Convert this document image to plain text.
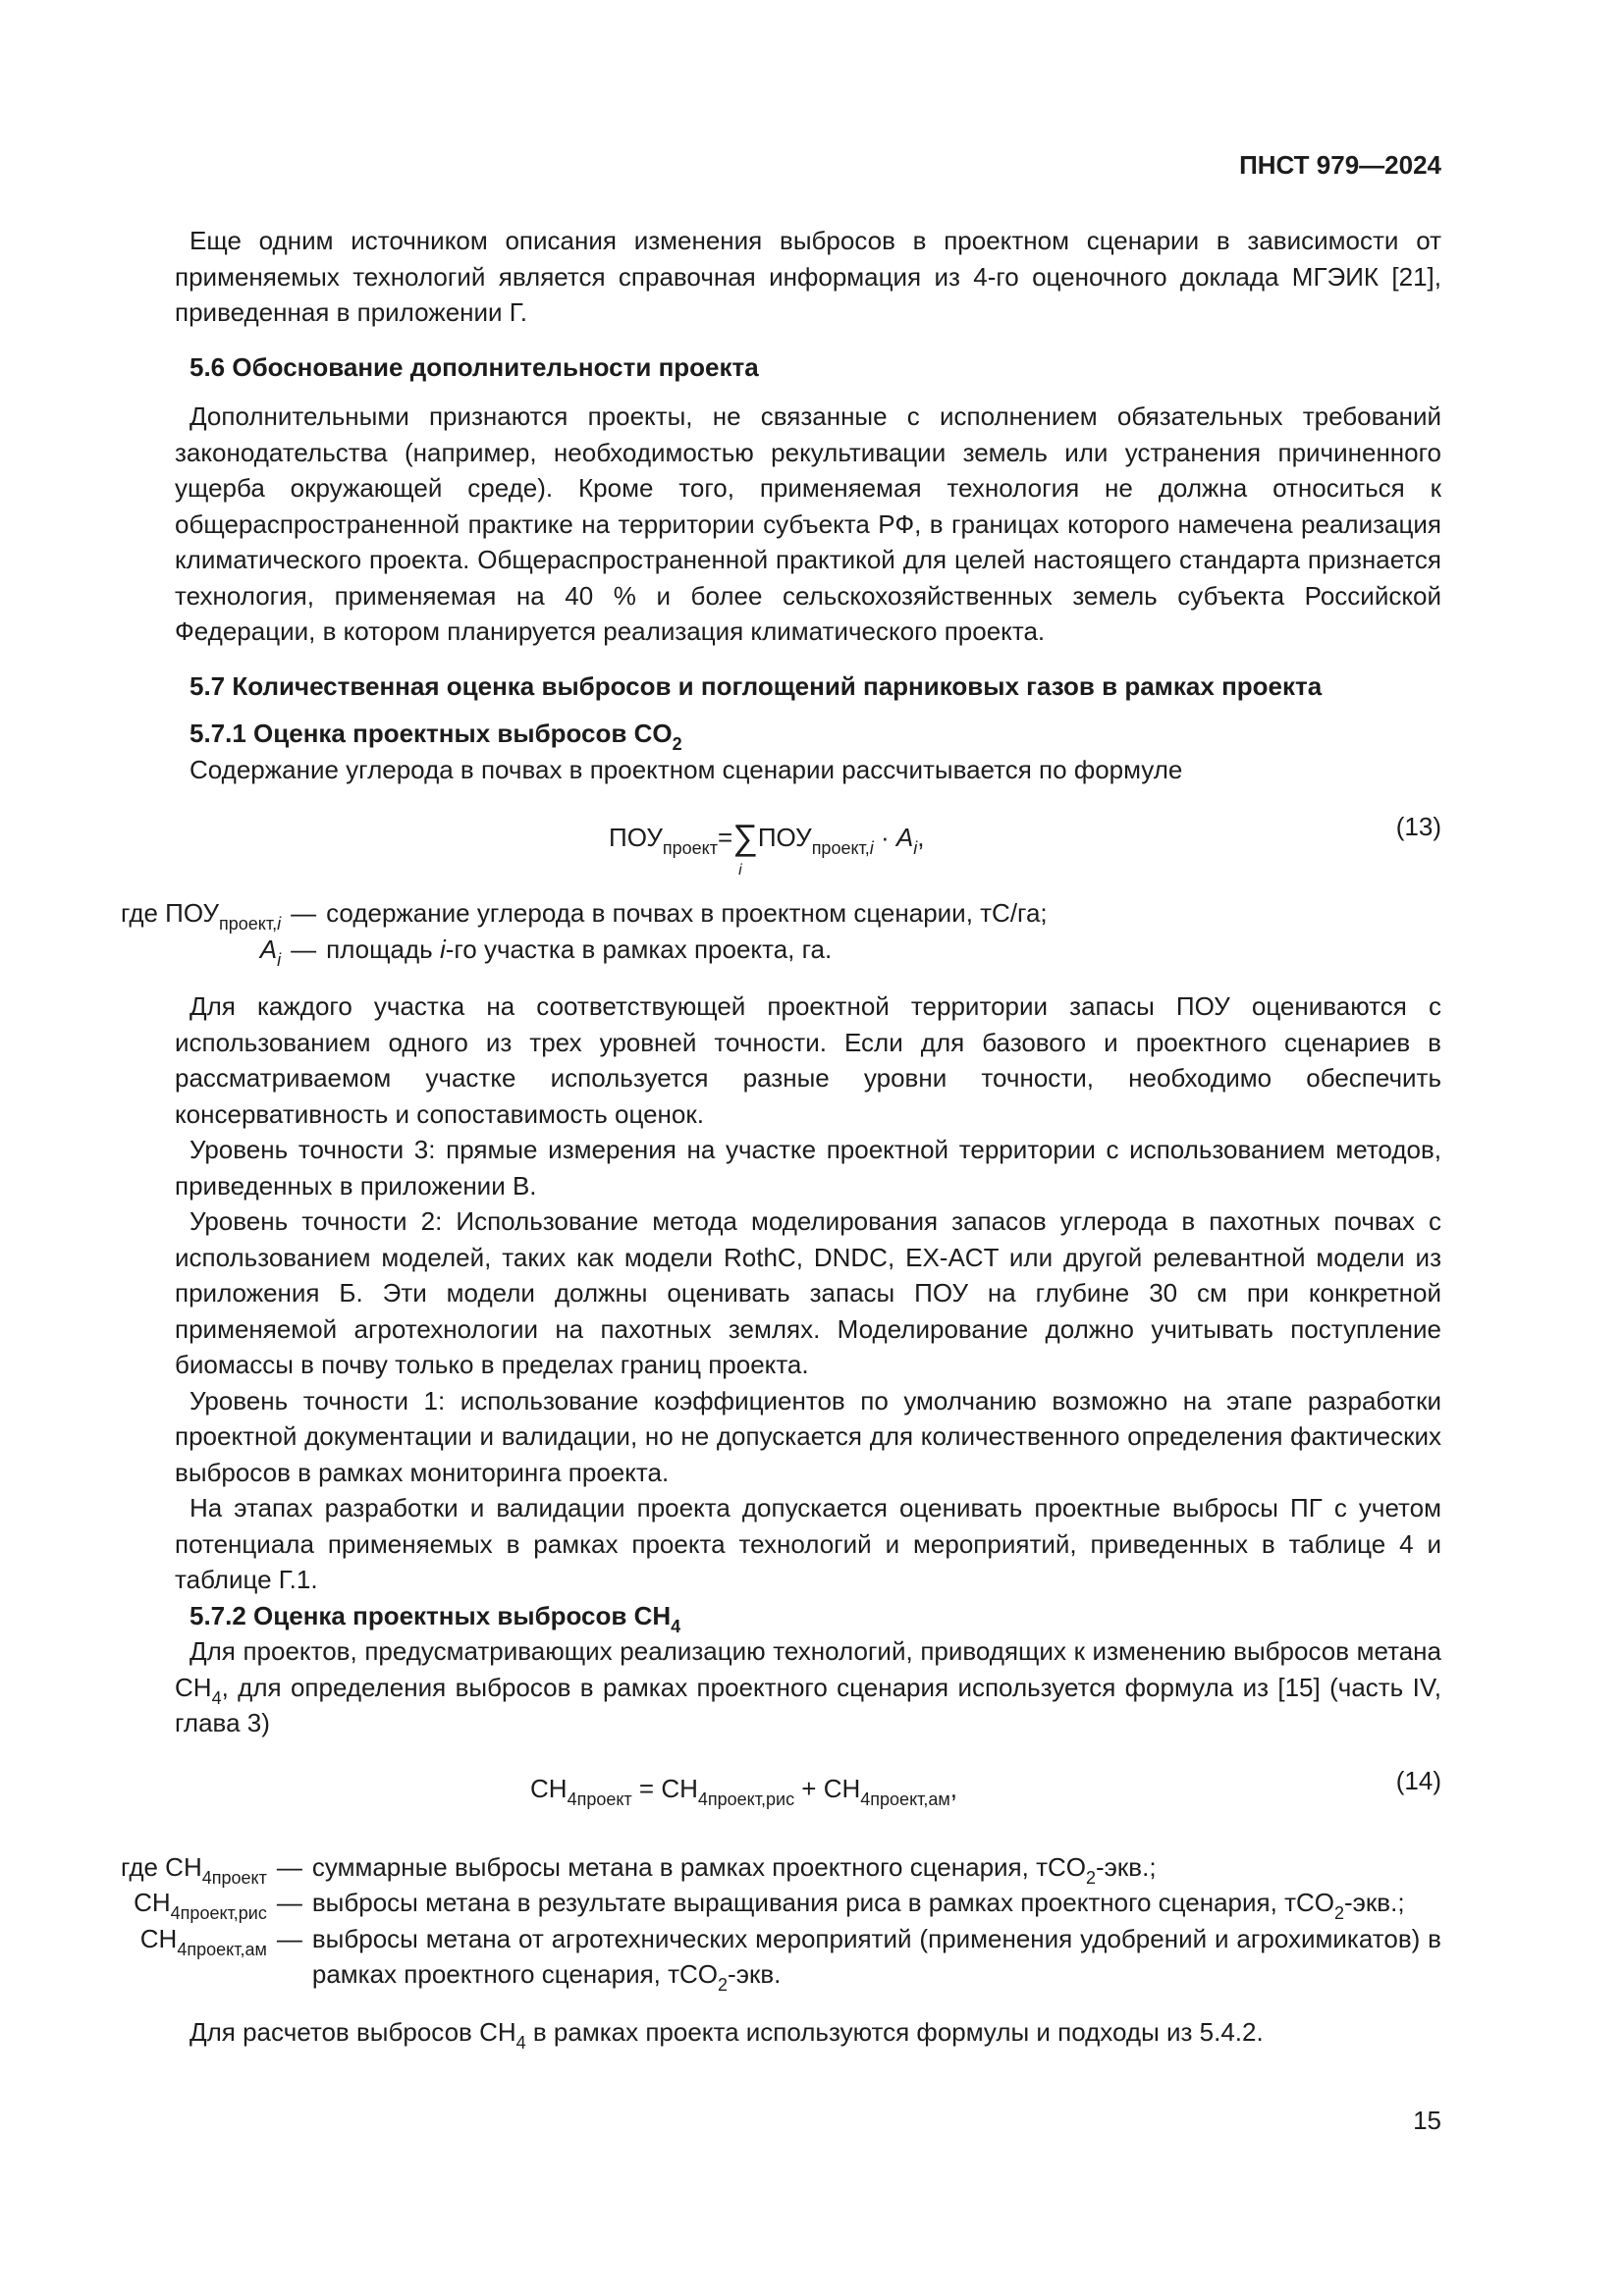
ПНСТ 979—2024

Еще одним источником описания изменения выбросов в проектном сценарии в зависимости от применяемых технологий является справочная информация из 4-го оценочного доклада МГЭИК [21], приведенная в приложении Г.

5.6 Обоснование дополнительности проекта

Дополнительными признаются проекты, не связанные с исполнением обязательных требований законодательства (например, необходимостью рекультивации земель или устранения причиненного ущерба окружающей среде). Кроме того, применяемая технология не должна относиться к общераспространенной практике на территории субъекта РФ, в границах которого намечена реализация климатического проекта. Общераспространенной практикой для целей настоящего стандарта признается технология, применяемая на 40 % и более сельскохозяйственных земель субъекта Российской Федерации, в котором планируется реализация климатического проекта.

5.7 Количественная оценка выбросов и поглощений парниковых газов в рамках проекта
5.7.1 Оценка проектных выбросов $CO_2$

Содержание углерода в почвах в проектном сценарии рассчитывается по формуле

$ПОУ_{проект}=\sum$
i
$ПОУ_{проект,i} \cdot A_i$,	(13)
где $ПОУ_{проект,i}$	—	содержание углерода в почвах в проектном сценарии, тС/га;
$A_i$	—	площадь i-го участка в рамках проекта, га.

Для каждого участка на соответствующей проектной территории запасы ПОУ оцениваются с использованием одного из трех уровней точности. Если для базового и проектного сценариев в рассматриваемом участке используется разные уровни точности, необходимо обеспечить консервативность и сопоставимость оценок.

Уровень точности 3: прямые измерения на участке проектной территории с использованием методов, приведенных в приложении В.

Уровень точности 2: Использование метода моделирования запасов углерода в пахотных почвах с использованием моделей, таких как модели RothC, DNDC, EX-ACT или другой релевантной модели из приложения Б. Эти модели должны оценивать запасы ПОУ на глубине 30 см при конкретной применяемой агротехнологии на пахотных землях. Моделирование должно учитывать поступление биомассы в почву только в пределах границ проекта.

Уровень точности 1: использование коэффициентов по умолчанию возможно на этапе разработки проектной документации и валидации, но не допускается для количественного определения фактических выбросов в рамках мониторинга проекта.

На этапах разработки и валидации проекта допускается оценивать проектные выбросы ПГ с учетом потенциала применяемых в рамках проекта технологий и мероприятий, приведенных в таблице 4 и таблице Г.1.

5.7.2 Оценка проектных выбросов $CH_4$

Для проектов, предусматривающих реализацию технологий, приводящих к изменению выбросов метана $CH_4$, для определения выбросов в рамках проектного сценария используется формула из [15] (часть IV, глава 3)

$CH_{4проект} = CH_{4проект,рис} + CH_{4проект,ам}$,	(14)
где $CH_{4проект}$	—	суммарные выбросы метана в рамках проектного сценария, тCO$_2$-экв.;
$CH_{4проект,рис}$	—	выбросы метана в результате выращивания риса в рамках проектного сценария, тCO$_2$-экв.;
$CH_{4проект,ам}$	—	выбросы метана от агротехнических мероприятий (применения удобрений и агрохимикатов) в рамках проектного сценария, тCO$_2$-экв.

Для расчетов выбросов $CH_4$ в рамках проекта используются формулы и подходы из 5.4.2.

15
